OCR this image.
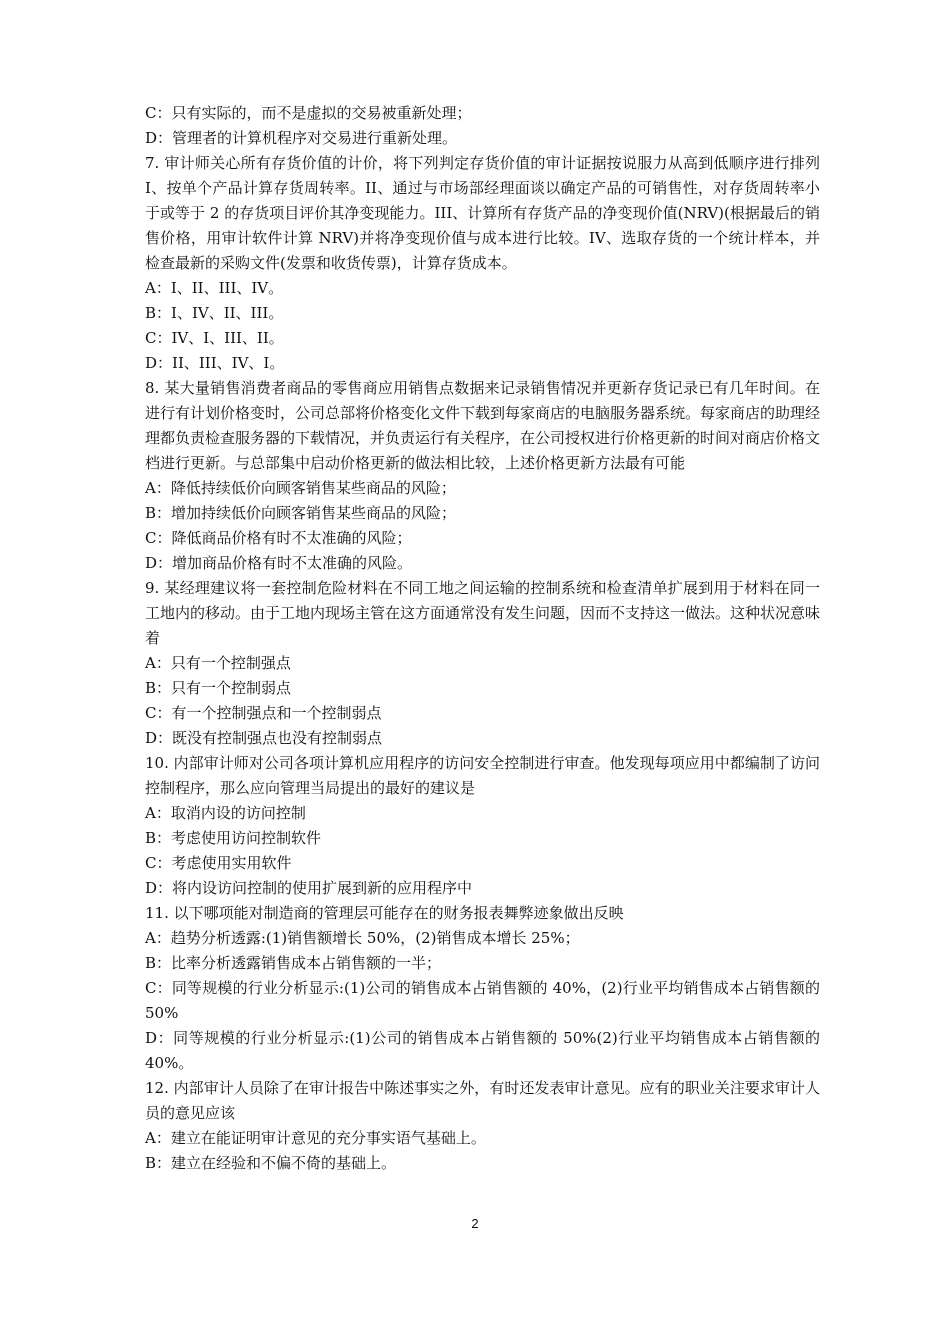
C：只有实际的，而不是虚拟的交易被重新处理；

D：管理者的计算机程序对交易进行重新处理。

7. 审计师关心所有存货价值的计价，将下列判定存货价值的审计证据按说服力从高到低顺序进行排列 I、按单个产品计算存货周转率。II、通过与市场部经理面谈以确定产品的可销售性，对存货周转率小于或等于 2 的存货项目评价其净变现能力。III、计算所有存货产品的净变现价值(NRV)(根据最后的销售价格，用审计软件计算 NRV)并将净变现价值与成本进行比较。IV、选取存货的一个统计样本，并检查最新的采购文件(发票和收货传票)，计算存货成本。

A：I、II、III、IV。

B：I、IV、II、III。

C：IV、I、III、II。

D：II、III、IV、I。

8. 某大量销售消费者商品的零售商应用销售点数据来记录销售情况并更新存货记录已有几年时间。在进行有计划价格变时，公司总部将价格变化文件下载到每家商店的电脑服务器系统。每家商店的助理经理都负责检查服务器的下载情况，并负责运行有关程序，在公司授权进行价格更新的时间对商店价格文档进行更新。与总部集中启动价格更新的做法相比较，上述价格更新方法最有可能

A：降低持续低价向顾客销售某些商品的风险；

B：增加持续低价向顾客销售某些商品的风险；

C：降低商品价格有时不太准确的风险；

D：增加商品价格有时不太准确的风险。

9. 某经理建议将一套控制危险材料在不同工地之间运输的控制系统和检查清单扩展到用于材料在同一工地内的移动。由于工地内现场主管在这方面通常没有发生问题，因而不支持这一做法。这种状况意味着

A：只有一个控制强点

B：只有一个控制弱点

C：有一个控制强点和一个控制弱点

D：既没有控制强点也没有控制弱点

10. 内部审计师对公司各项计算机应用程序的访问安全控制进行审查。他发现每项应用中都编制了访问控制程序，那么应向管理当局提出的最好的建议是

A：取消内设的访问控制

B：考虑使用访问控制软件

C：考虑使用实用软件

D：将内设访问控制的使用扩展到新的应用程序中

11. 以下哪项能对制造商的管理层可能存在的财务报表舞弊迹象做出反映

A：趋势分析透露:(1)销售额增长 50%，(2)销售成本增长 25%；

B：比率分析透露销售成本占销售额的一半；

C：同等规模的行业分析显示:(1)公司的销售成本占销售额的 40%，(2)行业平均销售成本占销售额的 50%

D：同等规模的行业分析显示:(1)公司的销售成本占销售额的 50%(2)行业平均销售成本占销售额的 40%。

12. 内部审计人员除了在审计报告中陈述事实之外，有时还发表审计意见。应有的职业关注要求审计人员的意见应该

A：建立在能证明审计意见的充分事实语气基础上。

B：建立在经验和不偏不倚的基础上。

2
